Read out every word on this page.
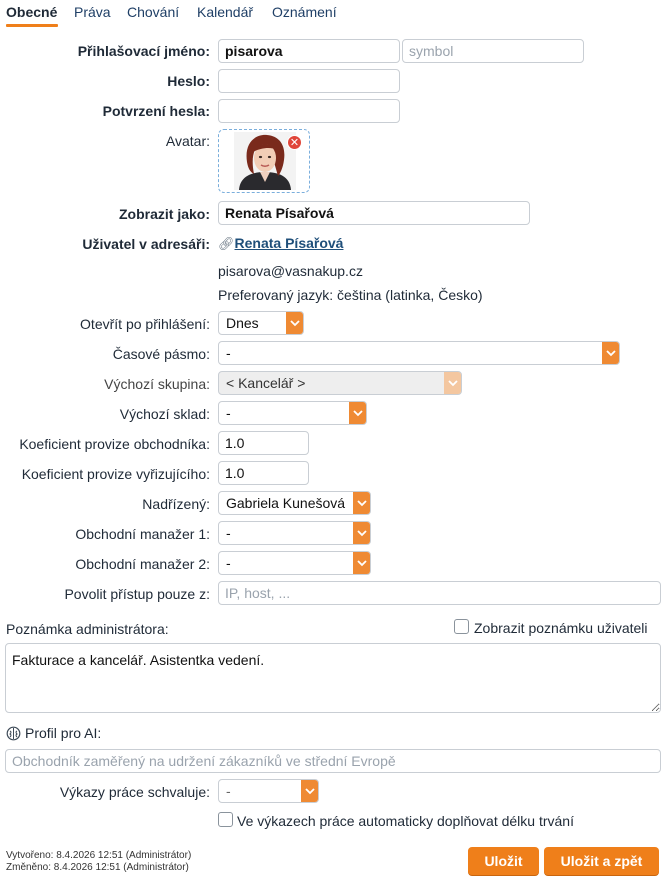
Obecné Práva Chování Kalendář Oznámení
Přihlašovací jméno:	pisarova	symbol
Heslo:
Potvrzení hesla:
Avatar:	✕
Zobrazit jako:	Renata Písařová
Uživatel v adresáři: 🔗︎Renata Písařová
pisarova@vasnakup.cz
Preferovaný jazyk: čeština (latinka, Česko)
Otevřít po přihlášení:	Dnes
Časové pásmo:	-
Výchozí skupina:	< Kancelář >
Výchozí sklad:	-
Koeficient provize obchodníka:	1.0
Koeficient provize vyřizujícího:	1.0
Nadřízený:	Gabriela Kunešová
Obchodní manažer 1:	-
Obchodní manažer 2:	-
Povolit přístup pouze z:	IP, host, ...
Poznámka administrátora:	Zobrazit poznámku uživateli
Fakturace a kancelář. Asistentka vedení.
Profil pro AI:
Obchodník zaměřený na udržení zákazníků ve střední Evropě
Výkazy práce schvaluje:	-
Ve výkazech práce automaticky doplňovat délku trvání
Vytvořeno: 8.4.2026 12:51 (Administrátor)
Změněno: 8.4.2026 12:51 (Administrátor)	Uložit	Uložit a zpět
